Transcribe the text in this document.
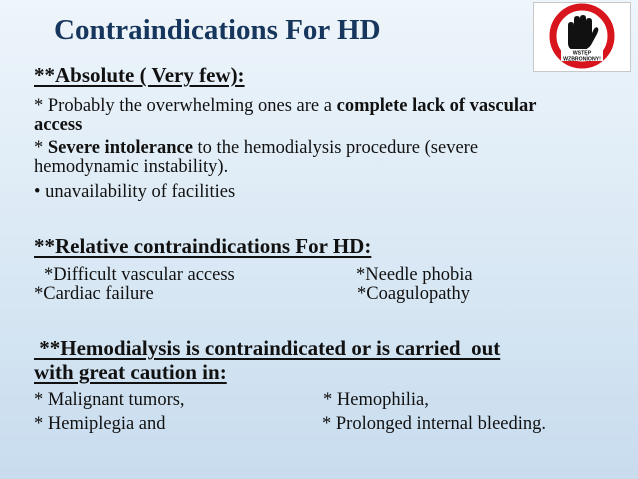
Contraindications For HD
WSTĘP
WZBRONIONY!
**Absolute ( Very few):
* Probably the overwhelming ones are a complete lack of vascular
access
* Severe intolerance to the hemodialysis procedure (severe
hemodynamic instability).
• unavailability of facilities
**Relative contraindications For HD:
*Difficult vascular access	*Needle phobia
*Cardiac failure	*Coagulopathy
**Hemodialysis is contraindicated or is carried  out
with great caution in:
* Malignant tumors,	* Hemophilia,
* Hemiplegia and	* Prolonged internal bleeding.
